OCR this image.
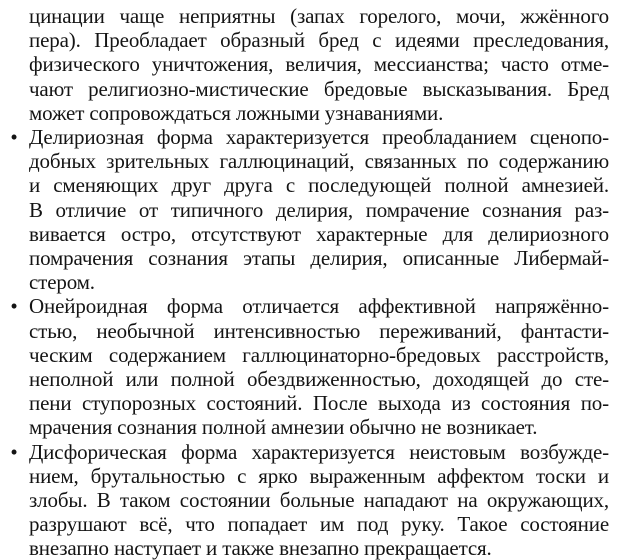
цинации чаще неприятны (запах горелого, мочи, жжённого
пера). Преобладает образный бред с идеями преследования,
физического уничтожения, величия, мессианства; часто отме-
чают религиозно-мистические бредовые высказывания. Бред
может сопровождаться ложными узнаваниями.
• Делириозная форма характеризуется преобладанием сценопо-
добных зрительных галлюцинаций, связанных по содержанию
и сменяющих друг друга с последующей полной амнезией.
В отличие от типичного делирия, помрачение сознания раз-
вивается остро, отсутствуют характерные для делириозного
помрачения сознания этапы делирия, описанные Либермай-
стером.
• Онейроидная форма отличается аффективной напряжённо-
стью, необычной интенсивностью переживаний, фантасти-
ческим содержанием галлюцинаторно-бредовых расстройств,
неполной или полной обездвиженностью, доходящей до сте-
пени ступорозных состояний. После выхода из состояния по-
мрачения сознания полной амнезии обычно не возникает.
• Дисфорическая форма характеризуется неистовым возбужде-
нием, брутальностью с ярко выраженным аффектом тоски и
злобы. В таком состоянии больные нападают на окружающих,
разрушают всё, что попадает им под руку. Такое состояние
внезапно наступает и также внезапно прекращается.
